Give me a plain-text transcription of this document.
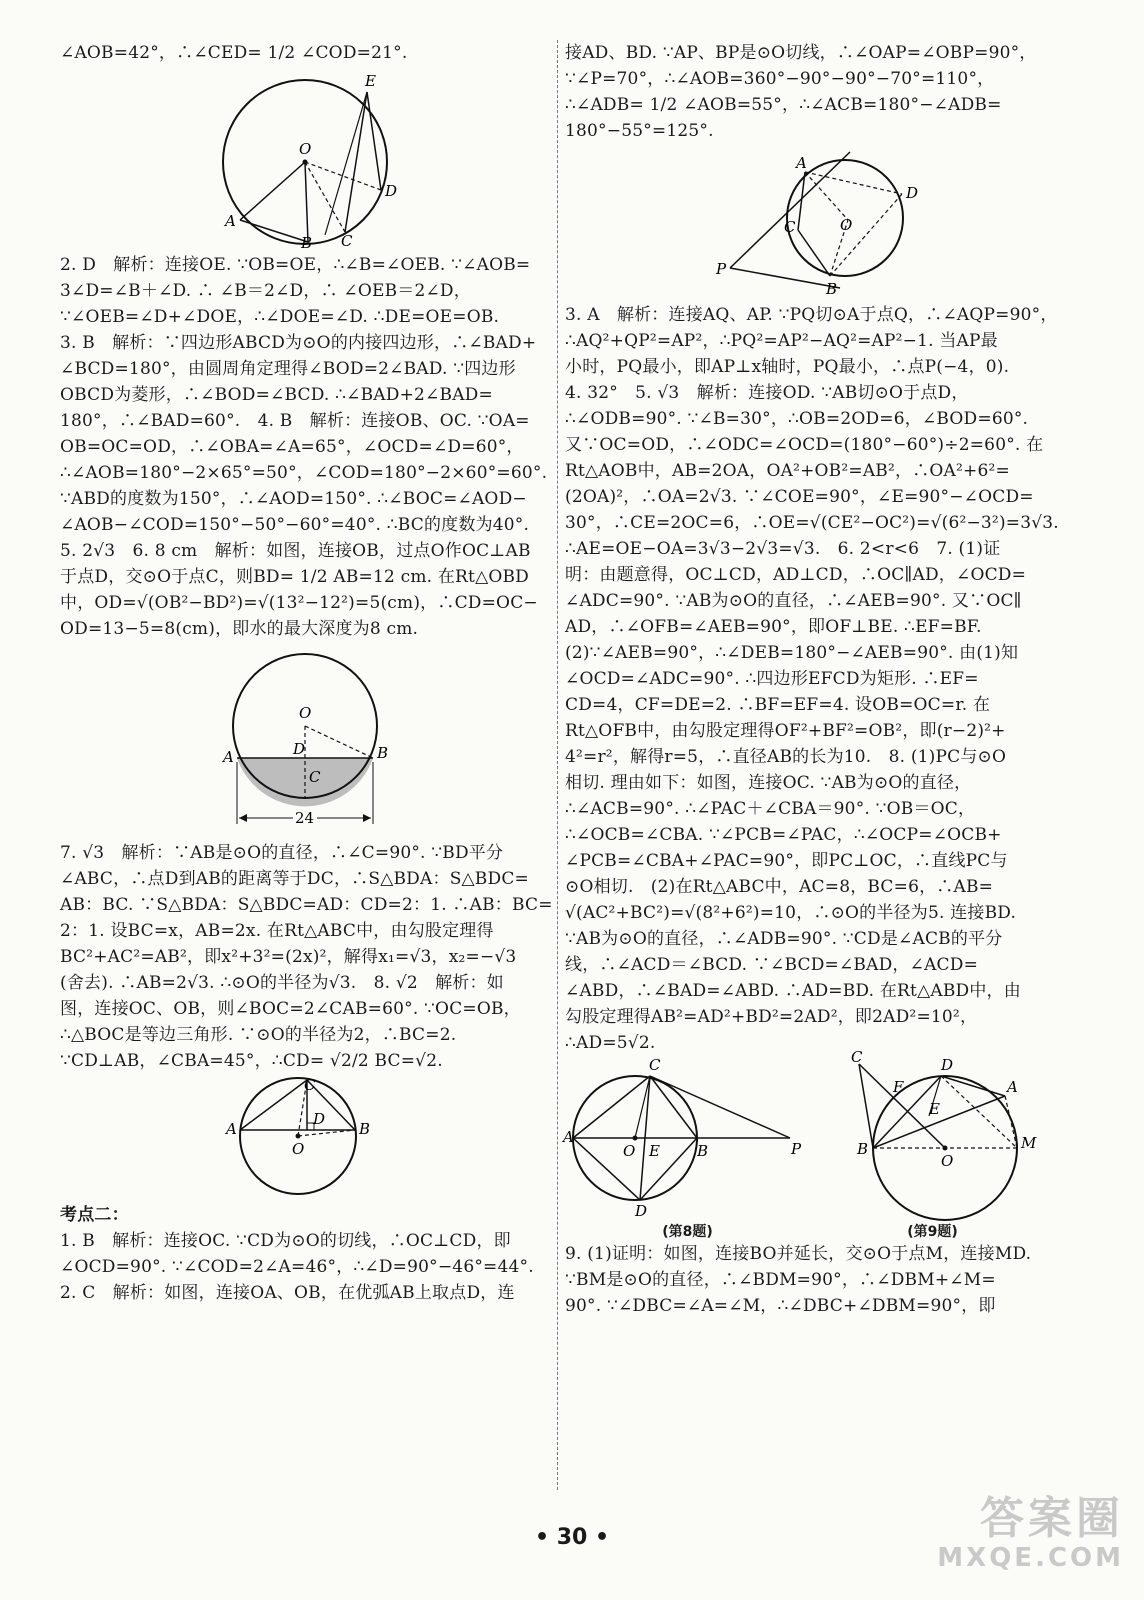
∠AOB=42°，∴∠CED= 1/2 ∠COD=21°.
O
E
D
A
B C
2. D　解析：连接OE. ∵OB=OE，∴∠B=∠OEB. ∵∠AOB=
3∠D=∠B＋∠D. ∴ ∠B＝2∠D，∴ ∠OEB＝2∠D，
∵∠OEB=∠D+∠DOE，∴∠DOE=∠D. ∴DE=OE=OB.
3. B　解析：∵四边形ABCD为⊙O的内接四边形，∴∠BAD+
∠BCD=180°，由圆周角定理得∠BOD=2∠BAD. ∵四边形
OBCD为菱形，∴∠BOD=∠BCD. ∴∠BAD+2∠BAD=
180°，∴∠BAD=60°.　4. B　解析：连接OB、OC. ∵OA=
OB=OC=OD，∴∠OBA=∠A=65°，∠OCD=∠D=60°，
∴∠AOB=180°−2×65°=50°，∠COD=180°−2×60°=60°.
∵ABD的度数为150°，∴∠AOD=150°. ∴∠BOC=∠AOD−
∠AOB−∠COD=150°−50°−60°=40°. ∴BC的度数为40°.
5. 2√3　6. 8 cm　解析：如图，连接OB，过点O作OC⊥AB
于点D，交⊙O于点C，则BD= 1/2 AB=12 cm. 在Rt△OBD
中，OD=√(OB²−BD²)=√(13²−12²)=5(cm)，∴CD=OC−
OD=13−5=8(cm)，即水的最大深度为8 cm.
O
A	B
D
C
24
7. √3　解析：∵AB是⊙O的直径，∴∠C=90°. ∵BD平分
∠ABC，∴点D到AB的距离等于DC，∴S△BDA：S△BDC=
AB：BC. ∵S△BDA：S△BDC=AD：CD=2：1. ∴AB：BC=
2：1. 设BC=x，AB=2x. 在Rt△ABC中，由勾股定理得
BC²+AC²=AB²，即x²+3²=(2x)²，解得x₁=√3，x₂=−√3
(舍去). ∴AB=2√3. ∴⊙O的半径为√3.　8. √2　解析：如
图，连接OC、OB，则∠BOC=2∠CAB=60°. ∵OC=OB，
∴△BOC是等边三角形. ∵⊙O的半径为2，∴BC=2.
∵CD⊥AB，∠CBA=45°，∴CD= √2/2 BC=√2.
C
A
D
B
O
考点二：
1. B　解析：连接OC. ∵CD为⊙O的切线，∴OC⊥CD，即
∠OCD=90°. ∵∠COD=2∠A=46°，∴∠D=90°−46°=44°.
2. C　解析：如图，连接OA、OB，在优弧AB上取点D，连
接AD、BD. ∵AP、BP是⊙O切线，∴∠OAP=∠OBP=90°，
∵∠P=70°，∴∠AOB=360°−90°−90°−70°=110°，
∴∠ADB= 1/2 ∠AOB=55°，∴∠ACB=180°−∠ADB=
180°−55°=125°.
A
D
C	O
P
B
3. A　解析：连接AQ、AP. ∵PQ切⊙A于点Q，∴∠AQP=90°，
∴AQ²+QP²=AP²，∴PQ²=AP²−AQ²=AP²−1. 当AP最
小时，PQ最小，即AP⊥x轴时，PQ最小，∴点P(−4，0).
4. 32°　5. √3　解析：连接OD. ∵AB切⊙O于点D，
∴∠ODB=90°. ∵∠B=30°，∴OB=2OD=6，∠BOD=60°.
又∵OC=OD，∴∠ODC=∠OCD=(180°−60°)÷2=60°. 在
Rt△AOB中，AB=2OA，OA²+OB²=AB²，∴OA²+6²=
(2OA)²，∴OA=2√3. ∵∠COE=90°，∠E=90°−∠OCD=
30°，∴CE=2OC=6，∴OE=√(CE²−OC²)=√(6²−3²)=3√3.
∴AE=OE−OA=3√3−2√3=√3.　6. 2<r<6　7. (1)证
明：由题意得，OC⊥CD，AD⊥CD，∴OC∥AD，∠OCD=
∠ADC=90°. ∵AB为⊙O的直径，∴∠AEB=90°. 又∵OC∥
AD，∴∠OFB=∠AEB=90°，即OF⊥BE. ∴EF=BF.
(2)∵∠AEB=90°，∴∠DEB=180°−∠AEB=90°. 由(1)知
∠OCD=∠ADC=90°. ∴四边形EFCD为矩形. ∴EF=
CD=4，CF=DE=2. ∴BF=EF=4. 设OB=OC=r. 在
Rt△OFB中，由勾股定理得OF²+BF²=OB²，即(r−2)²+
4²=r²，解得r=5，∴直径AB的长为10.　8. (1)PC与⊙O
相切. 理由如下：如图，连接OC. ∵AB为⊙O的直径，
∴∠ACB=90°. ∴∠PAC＋∠CBA＝90°. ∵OB＝OC，
∴∠OCB=∠CBA. ∵∠PCB=∠PAC，∴∠OCP=∠OCB+
∠PCB=∠CBA+∠PAC=90°，即PC⊥OC，∴直线PC与
⊙O相切.　(2)在Rt△ABC中，AC=8，BC=6，∴AB=
√(AC²+BC²)=√(8²+6²)=10，∴⊙O的半径为5. 连接BD.
∵AB为⊙O的直径，∴∠ADB=90°. ∵CD是∠ACB的平分
线，∴∠ACD＝∠BCD. ∵∠BCD=∠BAD，∠ACD=
∠ABD，∴∠BAD=∠ABD. ∴AD=BD. 在Rt△ABD中，由
勾股定理得AB²=AD²+BD²=2AD²，即2AD²=10²，
∴AD=5√2.
C
A
O E B	P
D
C	D
F	A
E
B
O
M
(第8题)	(第9题)
9. (1)证明：如图，连接BO并延长，交⊙O于点M，连接MD.
∵BM是⊙O的直径，∴∠BDM=90°，∴∠DBM+∠M=
90°. ∵∠DBC=∠A=∠M，∴∠DBC+∠DBM=90°，即
• 30 •	答案圈
MXQE.COM
